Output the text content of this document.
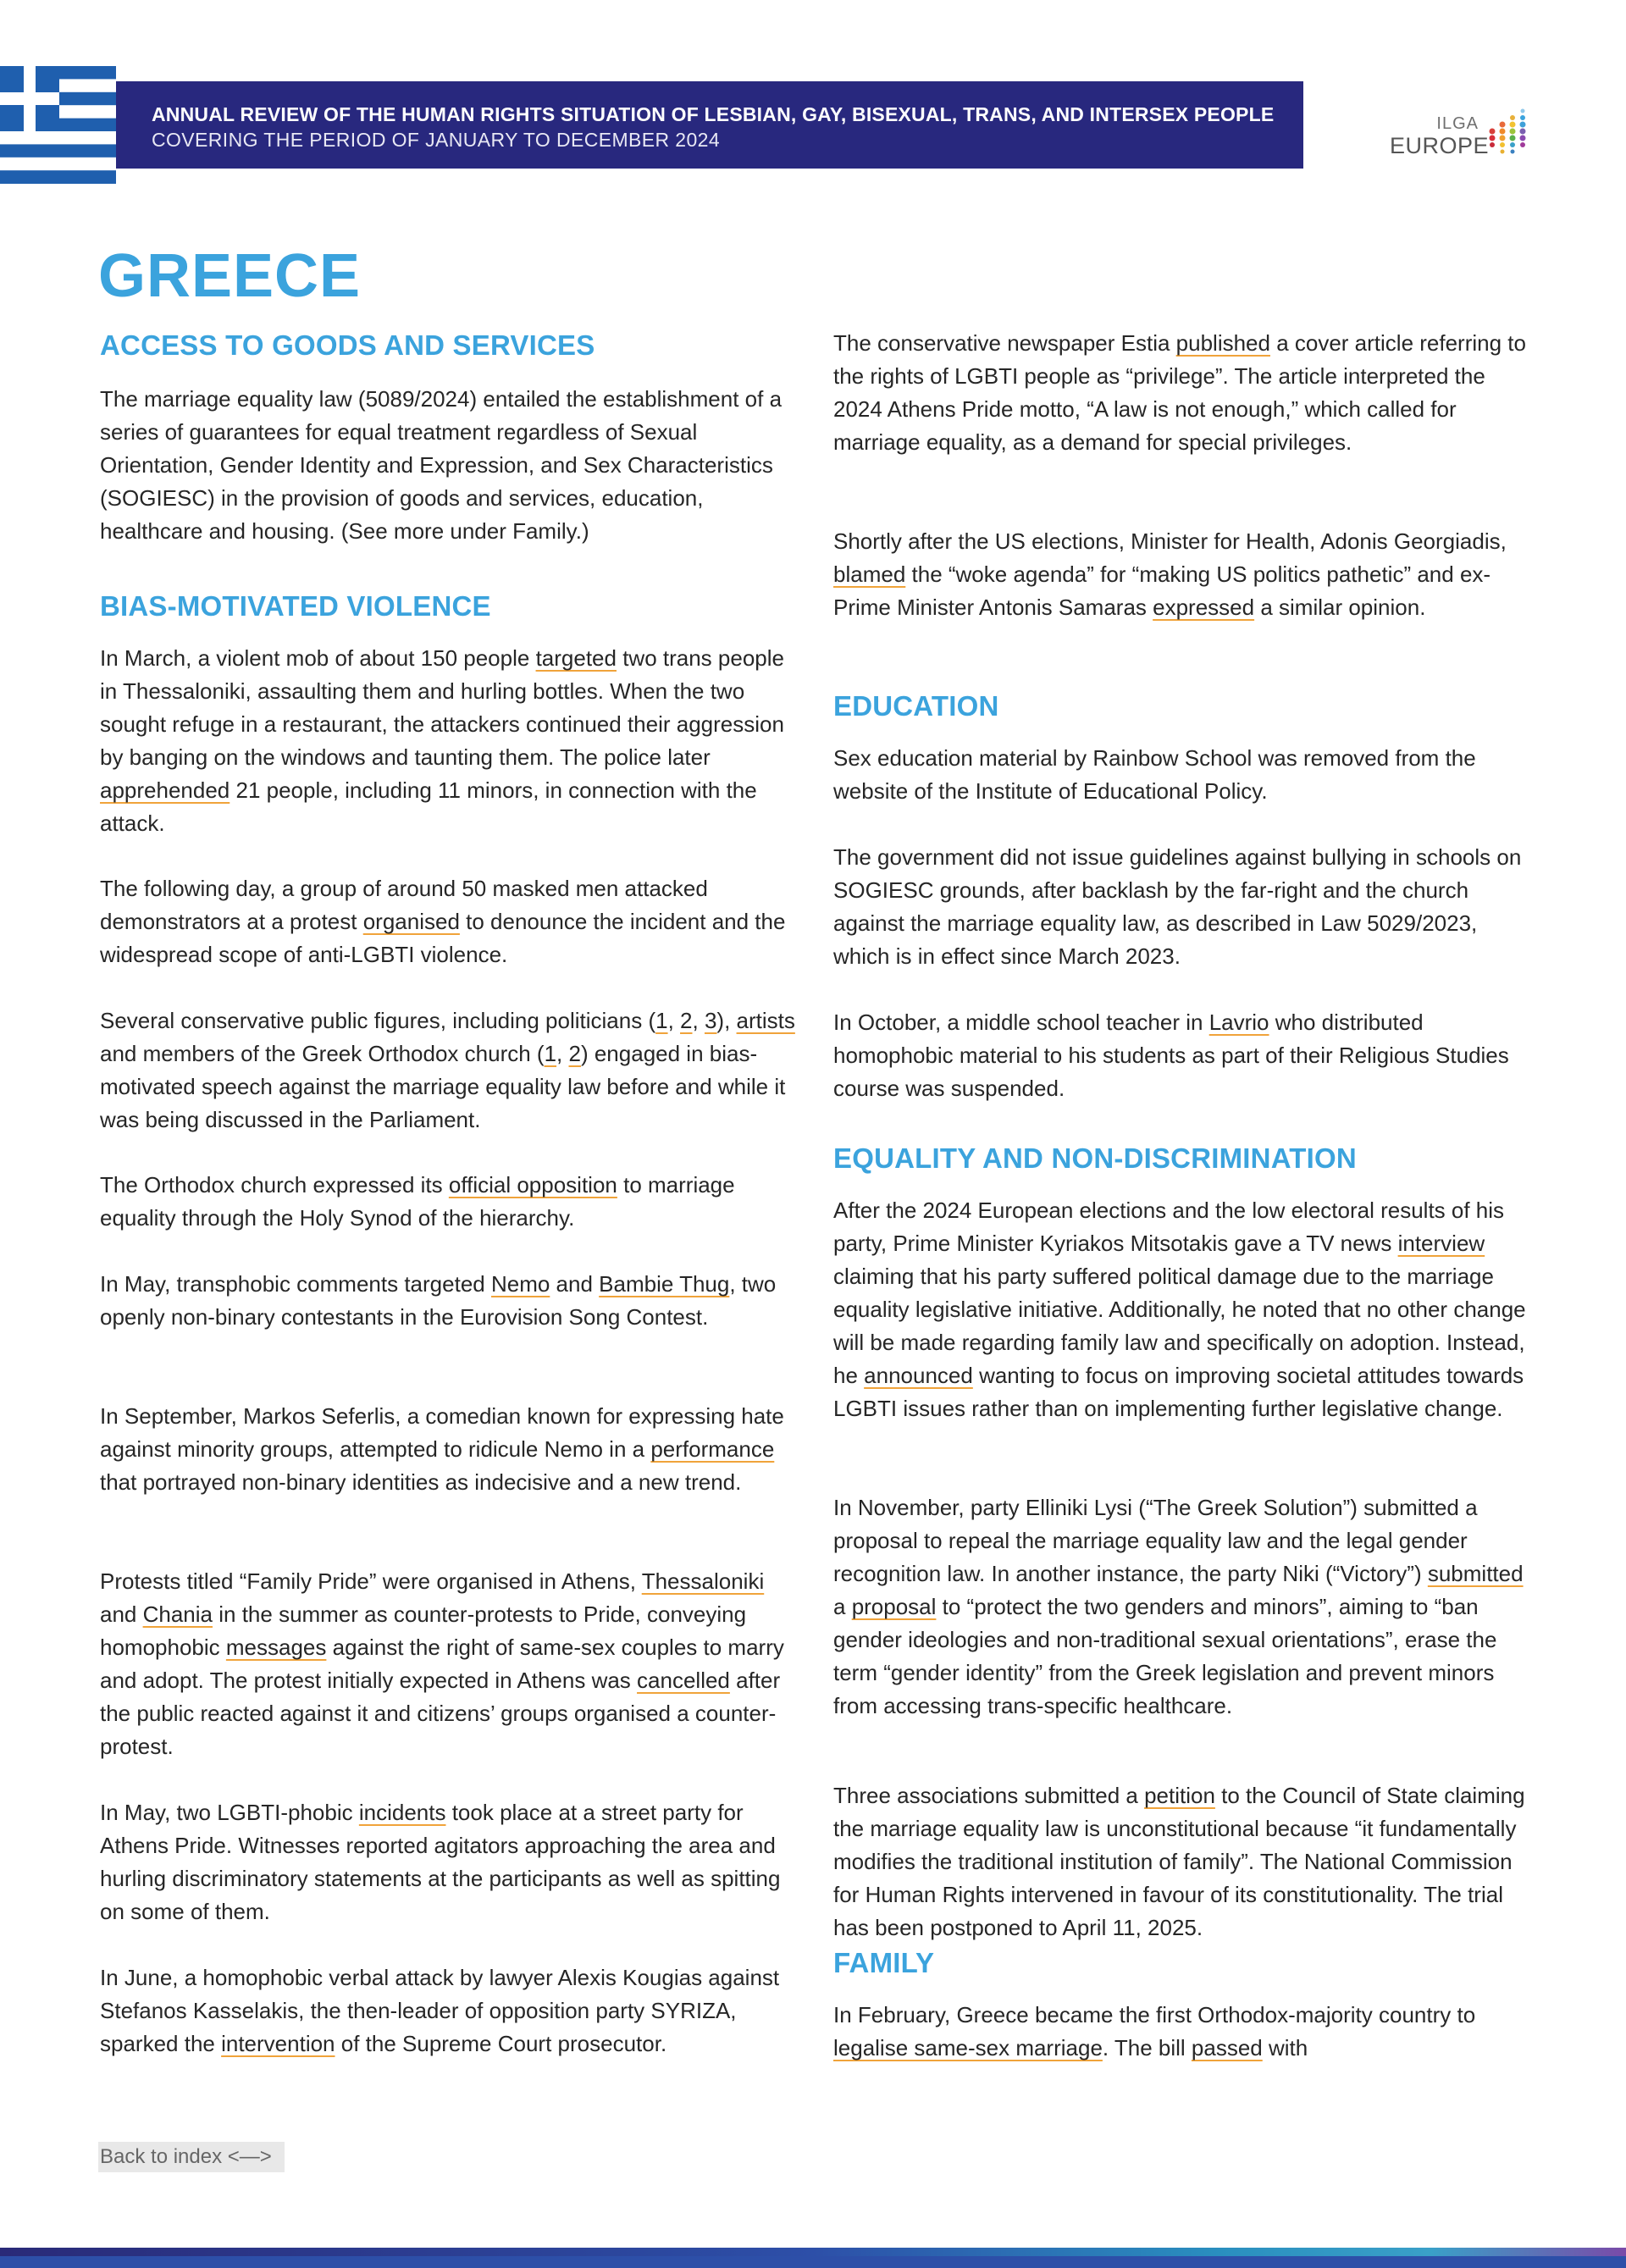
ANNUAL REVIEW OF THE HUMAN RIGHTS SITUATION OF LESBIAN, GAY, BISEXUAL, TRANS, AND INTERSEX PEOPLE
COVERING THE PERIOD OF JANUARY TO DECEMBER 2024
ILGA
EUROPE
GREECE
ACCESS TO GOODS AND SERVICES

The marriage equality law (5089/2024) entailed the establishment of a series of guarantees for equal treatment regardless of Sexual Orientation, Gender Identity and Expression, and Sex Characteristics (SOGIESC) in the provision of goods and services, education, healthcare and housing. (See more under Family.)

BIAS-MOTIVATED VIOLENCE

In March, a violent mob of about 150 people targeted two trans people in Thessaloniki, assaulting them and hurling bottles. When the two sought refuge in a restaurant, the attackers continued their aggression by banging on the windows and taunting them. The police later apprehended 21 people, including 11 minors, in connection with the attack.

The following day, a group of around 50 masked men attacked demonstrators at a protest organised to denounce the incident and the widespread scope of anti-LGBTI violence.

Several conservative public figures, including politicians (1, 2, 3), artists and members of the Greek Orthodox church (1, 2) engaged in bias-motivated speech against the marriage equality law before and while it was being discussed in the Parliament.

The Orthodox church expressed its official opposition to marriage equality through the Holy Synod of the hierarchy.

In May, transphobic comments targeted Nemo and Bambie Thug, two openly non-binary contestants in the Eurovision Song Contest.

In September, Markos Seferlis, a comedian known for expressing hate against minority groups, attempted to ridicule Nemo in a performance that portrayed non-binary identities as indecisive and a new trend.

Protests titled “Family Pride” were organised in Athens, Thessaloniki and Chania in the summer as counter-protests to Pride, conveying homophobic messages against the right of same-sex couples to marry and adopt. The protest initially expected in Athens was cancelled after the public reacted against it and citizens’ groups organised a counter-protest.

In May, two LGBTI-phobic incidents took place at a street party for Athens Pride. Witnesses reported agitators approaching the area and hurling discriminatory statements at the participants as well as spitting on some of them.

In June, a homophobic verbal attack by lawyer Alexis Kougias against Stefanos Kasselakis, the then-leader of opposition party SYRIZA, sparked the intervention of the Supreme Court prosecutor.

The conservative newspaper Estia published a cover article referring to the rights of LGBTI people as “privilege”. The article interpreted the 2024 Athens Pride motto, “A law is not enough,” which called for marriage equality, as a demand for special privileges.

Shortly after the US elections, Minister for Health, Adonis Georgiadis, blamed the “woke agenda” for “making US politics pathetic” and ex-Prime Minister Antonis Samaras expressed a similar opinion.

EDUCATION

Sex education material by Rainbow School was removed from the website of the Institute of Educational Policy.

The government did not issue guidelines against bullying in schools on SOGIESC grounds, after backlash by the far-right and the church against the marriage equality law, as described in Law 5029/2023, which is in effect since March 2023.

In October, a middle school teacher in Lavrio who distributed homophobic material to his students as part of their Religious Studies course was suspended.

EQUALITY AND NON-DISCRIMINATION

After the 2024 European elections and the low electoral results of his party, Prime Minister Kyriakos Mitsotakis gave a TV news interview claiming that his party suffered political damage due to the marriage equality legislative initiative. Additionally, he noted that no other change will be made regarding family law and specifically on adoption. Instead, he announced wanting to focus on improving societal attitudes towards LGBTI issues rather than on implementing further legislative change.

In November, party Elliniki Lysi (“The Greek Solution”) submitted a proposal to repeal the marriage equality law and the legal gender recognition law. In another instance, the party Niki (“Victory”) submitted a proposal to “protect the two genders and minors”, aiming to “ban gender ideologies and non-traditional sexual orientations”, erase the term “gender identity” from the Greek legislation and prevent minors from accessing trans-specific healthcare.

Three associations submitted a petition to the Council of State claiming the marriage equality law is unconstitutional because “it fundamentally modifies the traditional institution of family”. The National Commission for Human Rights intervened in favour of its constitutionality. The trial has been postponed to April 11, 2025.

FAMILY

In February, Greece became the first Orthodox-majority country to legalise same-sex marriage. The bill passed with

Back to index <—>
